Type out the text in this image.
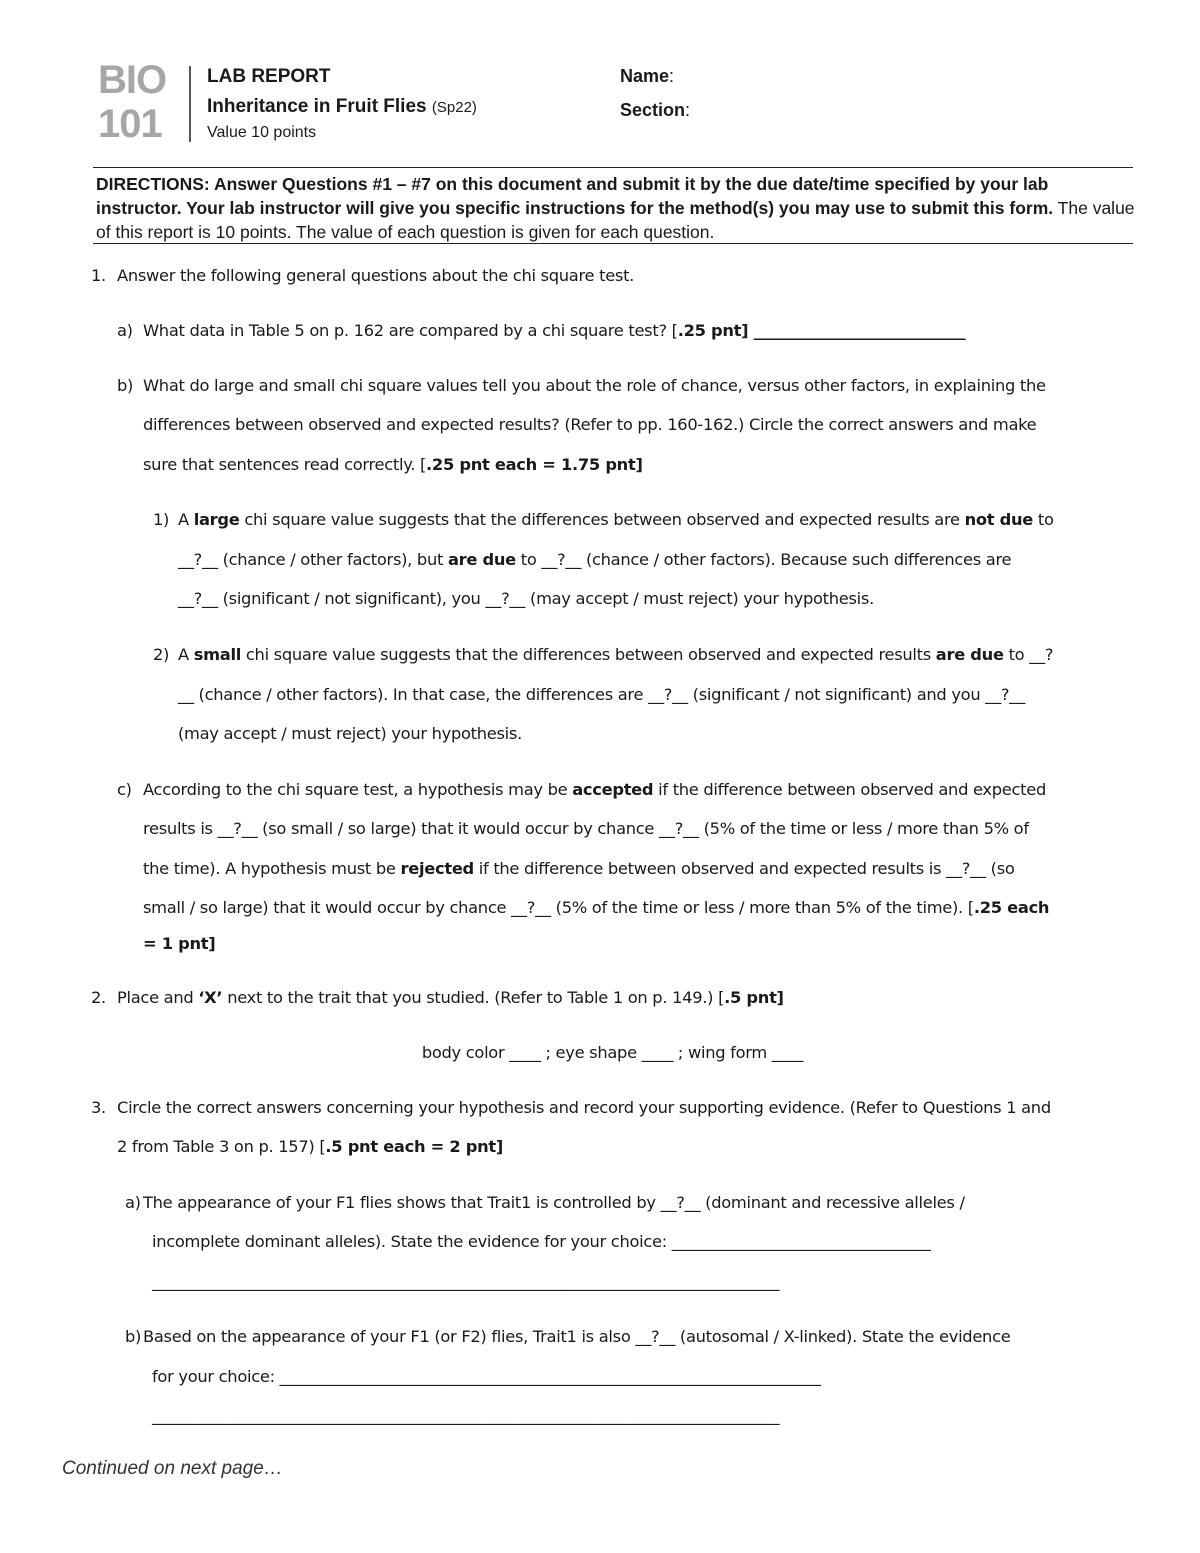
BIO
101
LAB REPORT
Inheritance in Fruit Flies (Sp22)
Value 10 points
Name:
Section:
DIRECTIONS: Answer Questions #1 – #7 on this document and submit it by the due date/time specified by your lab instructor. Your lab instructor will give you specific instructions for the method(s) you may use to submit this form. The value of this report is 10 points. The value of each question is given for each question.
1. Answer the following general questions about the chi square test.
a) What data in Table 5 on p. 162 are compared by a chi square test? [.25 pnt] ___________________________
b) What do large and small chi square values tell you about the role of chance, versus other factors, in explaining the
differences between observed and expected results? (Refer to pp. 160-162.) Circle the correct answers and make
sure that sentences read correctly. [.25 pnt each = 1.75 pnt]
1) A large chi square value suggests that the differences between observed and expected results are not due to
__?__ (chance / other factors), but are due to __?__ (chance / other factors). Because such differences are
__?__ (significant / not significant), you __?__ (may accept / must reject) your hypothesis.
2) A small chi square value suggests that the differences between observed and expected results are due to __?
__ (chance / other factors). In that case, the differences are __?__ (significant / not significant) and you __?__
(may accept / must reject) your hypothesis.
c) According to the chi square test, a hypothesis may be accepted if the difference between observed and expected
results is __?__ (so small / so large) that it would occur by chance __?__ (5% of the time or less / more than 5% of
the time). A hypothesis must be rejected if the difference between observed and expected results is __?__ (so
small / so large) that it would occur by chance __?__ (5% of the time or less / more than 5% of the time). [.25 each
= 1 pnt]
2. Place and ‘X’ next to the trait that you studied. (Refer to Table 1 on p. 149.) [.5 pnt]
body color ____ ; eye shape ____ ; wing form ____
3. Circle the correct answers concerning your hypothesis and record your supporting evidence. (Refer to Questions 1 and
2 from Table 3 on p. 157) [.5 pnt each = 2 pnt]
a) The appearance of your F1 flies shows that Trait1 is controlled by __?__ (dominant and recessive alleles /
incomplete dominant alleles). State the evidence for your choice: _________________________________
________________________________________________________________________________
b) Based on the appearance of your F1 (or F2) flies, Trait1 is also __?__ (autosomal / X-linked). State the evidence
for your choice: _____________________________________________________________________
________________________________________________________________________________
Continued on next page…
